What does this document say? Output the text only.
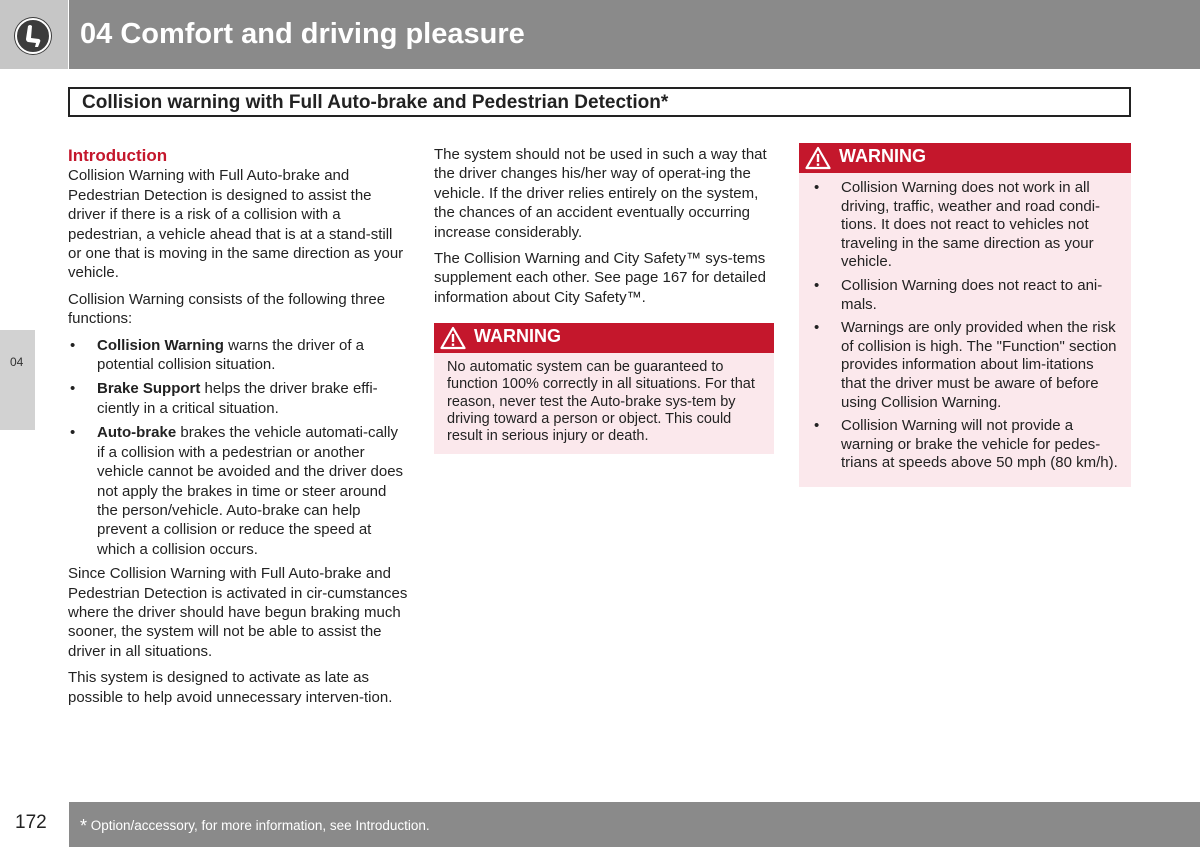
04 Comfort and driving pleasure
Collision warning with Full Auto-brake and Pedestrian Detection*
04
Introduction

Collision Warning with Full Auto-brake and Pedestrian Detection is designed to assist the driver if there is a risk of a collision with a pedestrian, a vehicle ahead that is at a stand-still or one that is moving in the same direction as your vehicle.

Collision Warning consists of the following three functions:

• Collision Warning warns the driver of a potential collision situation.
• Brake Support helps the driver brake effi-ciently in a critical situation.
• Auto-brake brakes the vehicle automati-cally if a collision with a pedestrian or another vehicle cannot be avoided and the driver does not apply the brakes in time or steer around the person/vehicle. Auto-brake can help prevent a collision or reduce the speed at which a collision occurs.

Since Collision Warning with Full Auto-brake and Pedestrian Detection is activated in cir-cumstances where the driver should have begun braking much sooner, the system will not be able to assist the driver in all situations.

This system is designed to activate as late as possible to help avoid unnecessary interven-tion.

The system should not be used in such a way that the driver changes his/her way of operat-ing the vehicle. If the driver relies entirely on the system, the chances of an accident eventually occurring increase considerably.

The Collision Warning and City Safety™ sys-tems supplement each other. See page 167 for detailed information about City Safety™.

WARNING
No automatic system can be guaranteed to function 100% correctly in all situations. For that reason, never test the Auto-brake sys-tem by driving toward a person or object. This could result in serious injury or death.
WARNING
• Collision Warning does not work in all driving, traffic, weather and road condi-tions. It does not react to vehicles not traveling in the same direction as your vehicle.
• Collision Warning does not react to ani-mals.
• Warnings are only provided when the risk of collision is high. The "Function" section provides information about lim-itations that the driver must be aware of before using Collision Warning.
• Collision Warning will not provide a warning or brake the vehicle for pedes-trians at speeds above 50 mph (80 km/h).
172 * Option/accessory, for more information, see Introduction.
